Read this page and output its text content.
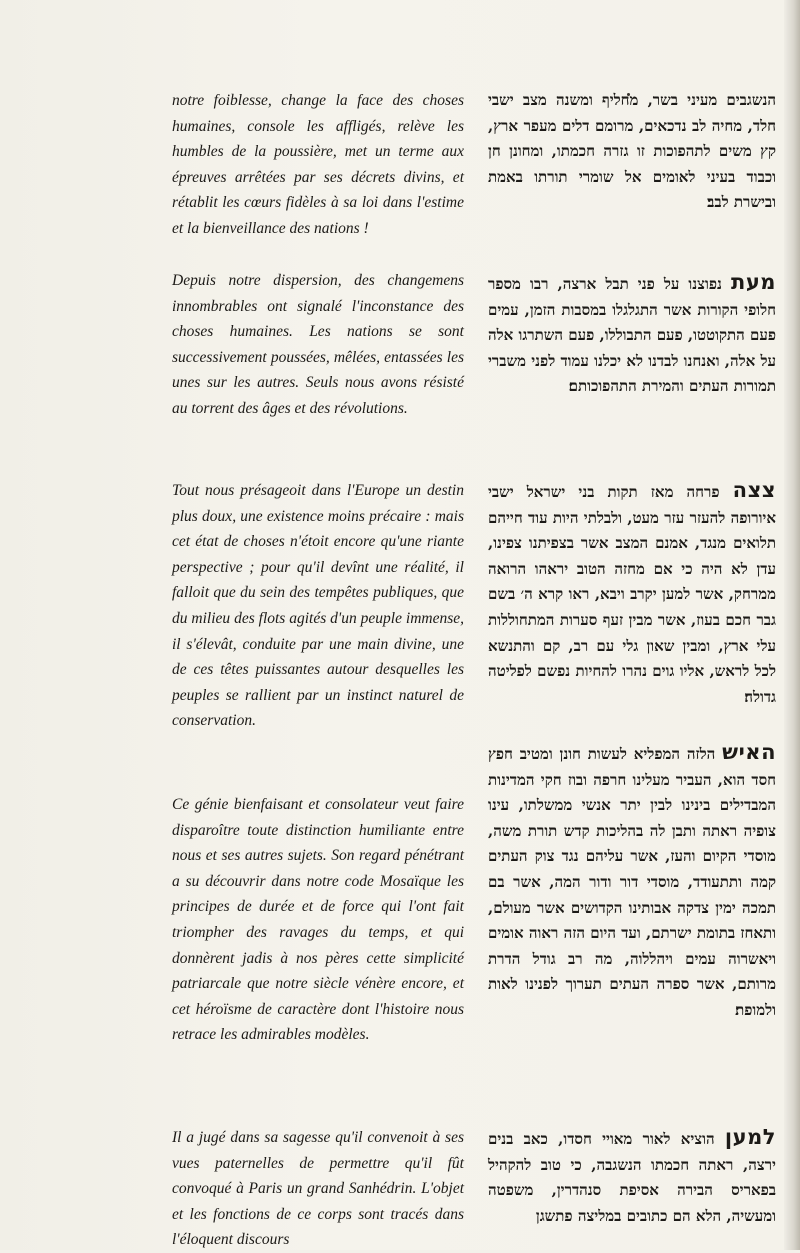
notre foiblesse, change la face des choses humaines, console les affligés, relève les humbles de la poussière, met un terme aux épreuves arrêtées par ses décrets divins, et rétablit les cœurs fidèles à sa loi dans l'estime et la bienveillance des nations !

Depuis notre dispersion, des changemens innombrables ont signalé l'inconstance des choses humaines. Les nations se sont successivement poussées, mêlées, entassées les unes sur les autres. Seuls nous avons résisté au torrent des âges et des révolutions.

Tout nous présageoit dans l'Europe un destin plus doux, une existence moins précaire : mais cet état de choses n'étoit encore qu'une riante perspective ; pour qu'il devînt une réalité, il falloit que du sein des tempêtes publiques, que du milieu des flots agités d'un peuple immense, il s'élevât, conduite par une main divine, une de ces têtes puissantes autour desquelles les peuples se rallient par un instinct naturel de conservation.

Ce génie bienfaisant et consolateur veut faire disparoître toute distinction humiliante entre nous et ses autres sujets. Son regard pénétrant a su découvrir dans notre code Mosaïque les principes de durée et de force qui l'ont fait triompher des ravages du temps, et qui donnèrent jadis à nos pères cette simplicité patriarcale que notre siècle vénère encore, et cet héroïsme de caractère dont l'histoire nous retrace les admirables modèles.

Il a jugé dans sa sagesse qu'il convenoit à ses vues paternelles de permettre qu'il fût convoqué à Paris un grand Sanhédrin. L'objet et les fonctions de ce corps sont tracés dans l'éloquent discours

הנשגבים מעיני בשר, מחליף ומשנה מצב ישבי חלד, מחיה לב נדכאים, מרומם דלים מעפר ארץ, קץ משים לתהפוכות זו גזרה חכמתו, ומחונן חן וכבוד בעיני לאומים אל שומרי תורתו באמת ובישרת לבב׃

מעת נפוצנו על פני תבל ארצה, רבו מספר חלופי הקורות אשר התגלגלו במסבות הזמן, עמים פעם התקוטטו, פעם התבוללו, פעם השתרגו אלה על אלה, ואנחנו לבדנו לא יכלנו עמוד לפני משברי תמורות העתים והמירת התהפוכותם׃

צצה פרחה מאז תקות בני ישראל ישבי איורופה להעזר עזר מעט, ולבלתי היות עוד חייהם תלואים מנגד, אמנם המצב אשר בצפיתנו צפינו, עדן לא היה כי אם מחזה הטוב יראהו הרואה ממרחק, אשר למען יקרב ויבא, ראו קרא ה׳ בשם גבר חכם בעוז, אשר מבין זעף סערות המתחוללות עלי ארץ, ומבין שאון גלי עם רב, קם והתנשא לכל לראש, אליו גוים נהרו להחיות נפשם לפליטה גדולה׃

האיש הלזה המפליא לעשות חונן ומטיב חפץ חסד הוא, העביר מעלינו חרפה ובוז חקי המדינות המבדילים בינינו לבין יתר אנשי ממשלתו, עינו צופיה ראתה ותבן לה בהליכות קדש תורת משה, מוסדי הקיום והעז, אשר עליהם נגד צוק העתים קמה ותתעודד, מוסדי דור ודור המה, אשר בם תמכה ימין צדקה אבותינו הקדושים אשר מעולם, ותאחז בתומת ישרתם, ועד היום הזה ראוה אומים ויאשרוה עמים ויהללוה, מה רב גודל הדרת מרותם, אשר ספרה העתים תערוך לפנינו לאות ולמופת׃

למען הוציא לאור מאויי חסדו, כאב בנים ירצה, ראתה חכמתו הנשגבה, כי טוב להקהיל בפאריס הבירה אסיפת סנהדרין, משפטה ומעשיה, הלא הם כתובים במליצה פתשגן
